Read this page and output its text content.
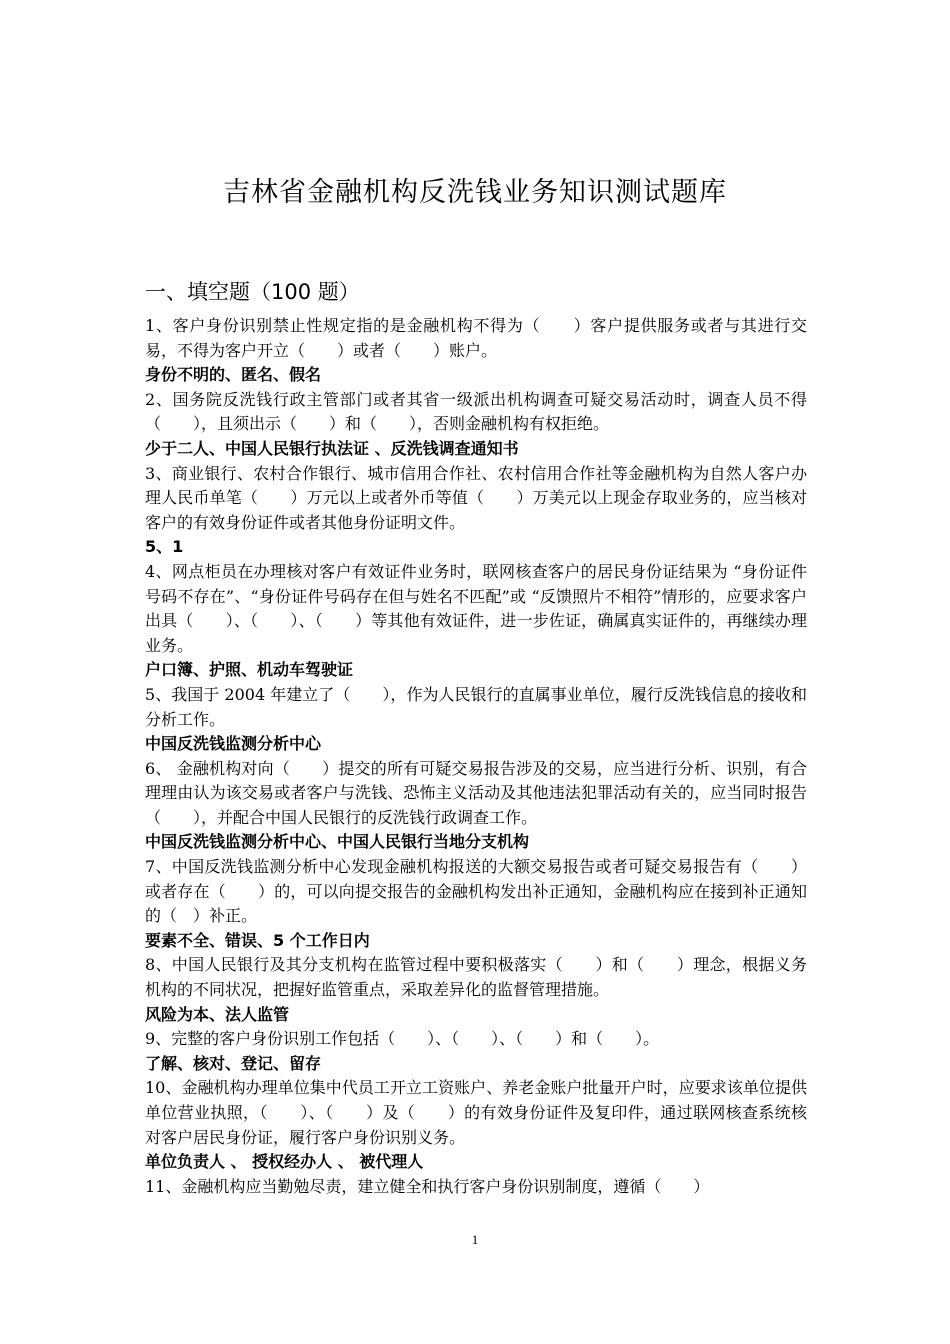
吉林省金融机构反洗钱业务知识测试题库
一、填空题（100 题）

1、客户身份识别禁止性规定指的是金融机构不得为（　　）客户提供服务或者与其进行交易，不得为客户开立（　　）或者（　　）账户。

身份不明的、匿名、假名

2、国务院反洗钱行政主管部门或者其省一级派出机构调查可疑交易活动时，调查人员不得（　　），且须出示（　　）和（　　），否则金融机构有权拒绝。

少于二人、中国人民银行执法证 、反洗钱调查通知书

3、商业银行、农村合作银行、城市信用合作社、农村信用合作社等金融机构为自然人客户办理人民币单笔（　　）万元以上或者外币等值（　　）万美元以上现金存取业务的，应当核对客户的有效身份证件或者其他身份证明文件。

5、1

4、网点柜员在办理核对客户有效证件业务时，联网核查客户的居民身份证结果为 “身份证件号码不存在”、“身份证件号码存在但与姓名不匹配”或 “反馈照片不相符”情形的，应要求客户出具（　　）、（　　）、（　　）等其他有效证件，进一步佐证，确属真实证件的，再继续办理业务。

户口簿、护照、机动车驾驶证

5、我国于 2004 年建立了（　　），作为人民银行的直属事业单位，履行反洗钱信息的接收和分析工作。

中国反洗钱监测分析中心

6、 金融机构对向（　　）提交的所有可疑交易报告涉及的交易，应当进行分析、识别，有合理理由认为该交易或者客户与洗钱、恐怖主义活动及其他违法犯罪活动有关的，应当同时报告（　　），并配合中国人民银行的反洗钱行政调查工作。

中国反洗钱监测分析中心、中国人民银行当地分支机构

7、中国反洗钱监测分析中心发现金融机构报送的大额交易报告或者可疑交易报告有（　　）或者存在（　　）的，可以向提交报告的金融机构发出补正通知，金融机构应在接到补正通知的（　）补正。

要素不全、错误、5 个工作日内

8、中国人民银行及其分支机构在监管过程中要积极落实（　　）和（　　）理念，根据义务机构的不同状况，把握好监管重点，采取差异化的监督管理措施。

风险为本、法人监管

9、完整的客户身份识别工作包括（　　）、（　　）、（　　）和（　　）。

了解、核对、登记、留存

10、金融机构办理单位集中代员工开立工资账户、养老金账户批量开户时，应要求该单位提供单位营业执照，（　　）、（　　）及（　　）的有效身份证件及复印件，通过联网核查系统核对客户居民身份证，履行客户身份识别义务。

单位负责人 、 授权经办人 、 被代理人

11、金融机构应当勤勉尽责，建立健全和执行客户身份识别制度，遵循（　　）

1
